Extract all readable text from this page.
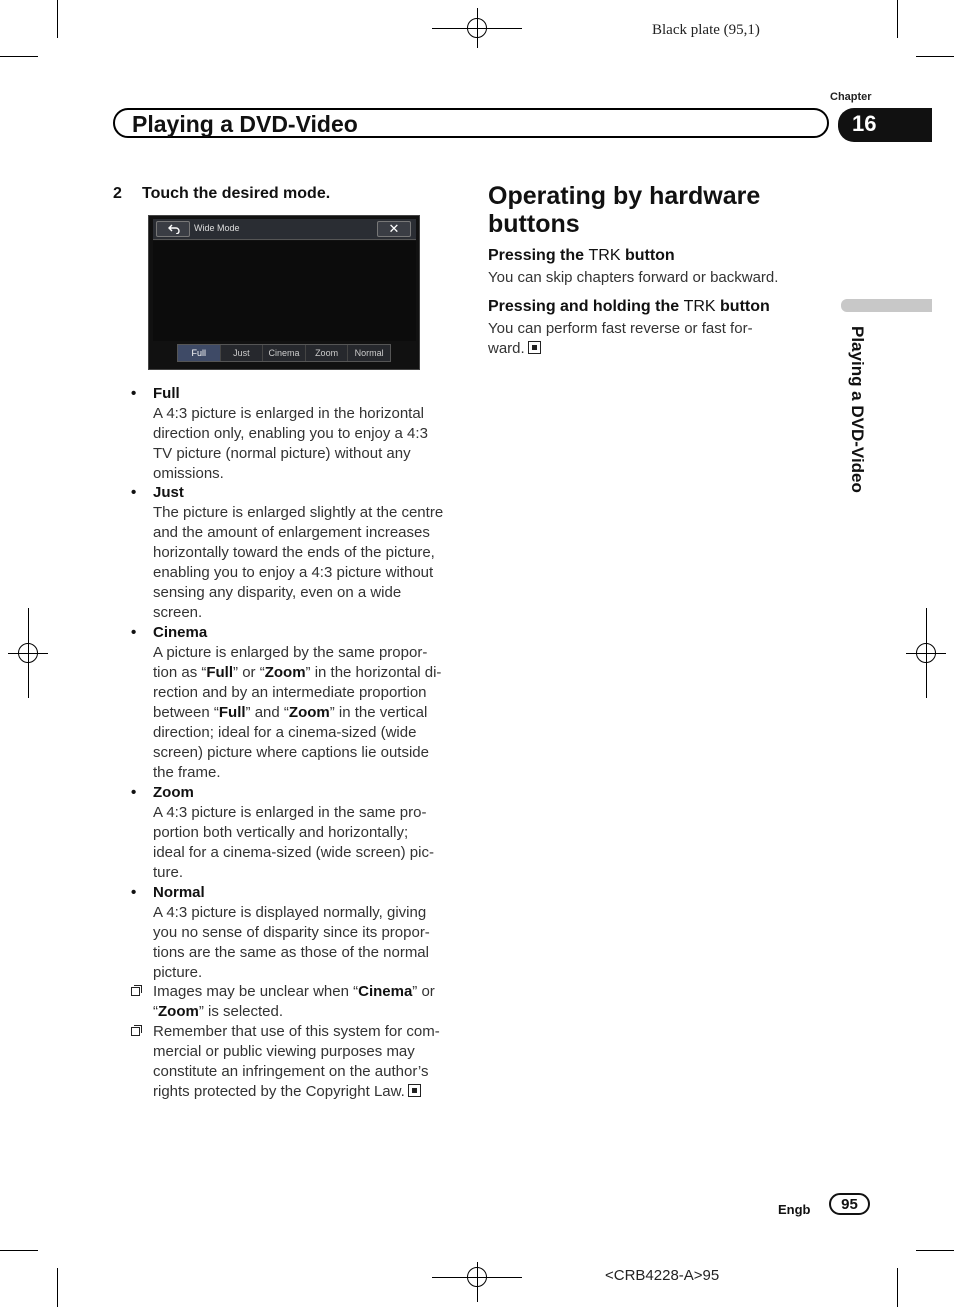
Black plate (95,1)
Chapter
Playing a DVD-Video	16
Playing a DVD-Video
2 Touch the desired mode.
Wide Mode	✕
Full	Just	Cinema	Zoom	Normal
• Full
A 4:3 picture is enlarged in the horizontal
direction only, enabling you to enjoy a 4:3
TV picture (normal picture) without any
omissions.
• Just
The picture is enlarged slightly at the centre
and the amount of enlargement increases
horizontally toward the ends of the picture,
enabling you to enjoy a 4:3 picture without
sensing any disparity, even on a wide
screen.
• Cinema
A picture is enlarged by the same propor-
tion as “Full” or “Zoom” in the horizontal di-
rection and by an intermediate proportion
between “Full” and “Zoom” in the vertical
direction; ideal for a cinema-sized (wide
screen) picture where captions lie outside
the frame.
• Zoom
A 4:3 picture is enlarged in the same pro-
portion both vertically and horizontally;
ideal for a cinema-sized (wide screen) pic-
ture.
• Normal
A 4:3 picture is displayed normally, giving
you no sense of disparity since its propor-
tions are the same as those of the normal
picture.
Images may be unclear when “Cinema” or
“Zoom” is selected.
Remember that use of this system for com-
mercial or public viewing purposes may
constitute an infringement on the author’s
rights protected by the Copyright Law.
Operating by hardware
buttons
Pressing the TRK button
You can skip chapters forward or backward.
Pressing and holding the TRK button
You can perform fast reverse or fast for-
ward.
Engb	95
<CRB4228-A>95
